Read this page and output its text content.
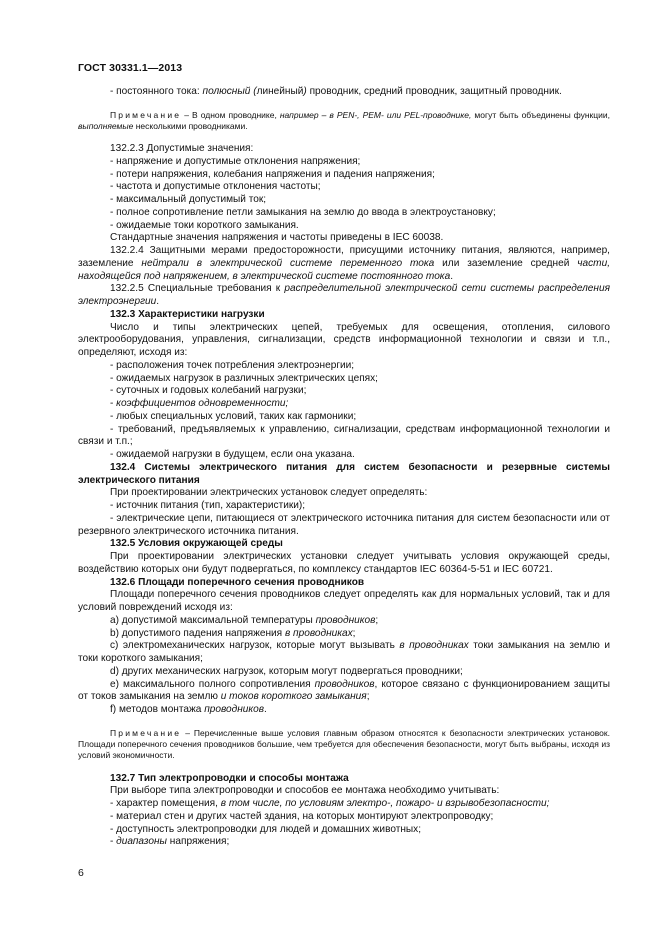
ГОСТ 30331.1—2013

- постоянного тока: полюсный (линейный) проводник, средний проводник, защитный проводник.

Примечание – В одном проводнике, например – в PEN-, PEM- или PEL-проводнике, могут быть объединены функции, выполняемые несколькими проводниками.

132.2.3 Допустимые значения:

- напряжение и допустимые отклонения напряжения;

- потери напряжения, колебания напряжения и падения напряжения;

- частота и допустимые отклонения частоты;

- максимальный допустимый ток;

- полное сопротивление петли замыкания на землю до ввода в электроустановку;

- ожидаемые токи короткого замыкания.

Стандартные значения напряжения и частоты приведены в IEC 60038.

132.2.4 Защитными мерами предосторожности, присущими источнику питания, являются, например, заземление нейтрали в электрической системе переменного тока или заземление средней части, находящейся под напряжением, в электрической системе постоянного тока.

132.2.5 Специальные требования к распределительной электрической сети системы распределения электроэнергии.

132.3 Характеристики нагрузки

Число и типы электрических цепей, требуемых для освещения, отопления, силового электрооборудования, управления, сигнализации, средств информационной технологии и связи и т.п., определяют, исходя из:

- расположения точек потребления электроэнергии;

- ожидаемых нагрузок в различных электрических цепях;

- суточных и годовых колебаний нагрузки;

- коэффициентов одновременности;

- любых специальных условий, таких как гармоники;

- требований, предъявляемых к управлению, сигнализации, средствам информационной технологии и связи и т.п.;

- ожидаемой нагрузки в будущем, если она указана.

132.4 Системы электрического питания для систем безопасности и резервные системы электрического питания

При проектировании электрических установок следует определять:

- источник питания (тип, характеристики);

- электрические цепи, питающиеся от электрического источника питания для систем безопасности или от резервного электрического источника питания.

132.5 Условия окружающей среды

При проектировании электрических установки следует учитывать условия окружающей среды, воздействию которых они будут подвергаться, по комплексу стандартов IEC 60364-5-51 и IEC 60721.

132.6 Площади поперечного сечения проводников

Площади поперечного сечения проводников следует определять как для нормальных условий, так и для условий повреждений исходя из:

а) допустимой максимальной температуры проводников;

b) допустимого падения напряжения в проводниках;

с) электромеханических нагрузок, которые могут вызывать в проводниках токи замыкания на землю и токи короткого замыкания;

d) других механических нагрузок, которым могут подвергаться проводники;

е) максимального полного сопротивления проводников, которое связано с функционированием защиты от токов замыкания на землю и токов короткого замыкания;

f) методов монтажа проводников.

Примечание – Перечисленные выше условия главным образом относятся к безопасности электрических установок. Площади поперечного сечения проводников большие, чем требуется для обеспечения безопасности, могут быть выбраны, исходя из условий экономичности.

132.7 Тип электропроводки и способы монтажа

При выборе типа электропроводки и способов ее монтажа необходимо учитывать:

- характер помещения, в том числе, по условиям электро-, пожаро- и взрывобезопасности;

- материал стен и других частей здания, на которых монтируют электропроводку;

- доступность электропроводки для людей и домашних животных;

- диапазоны напряжения;

6
